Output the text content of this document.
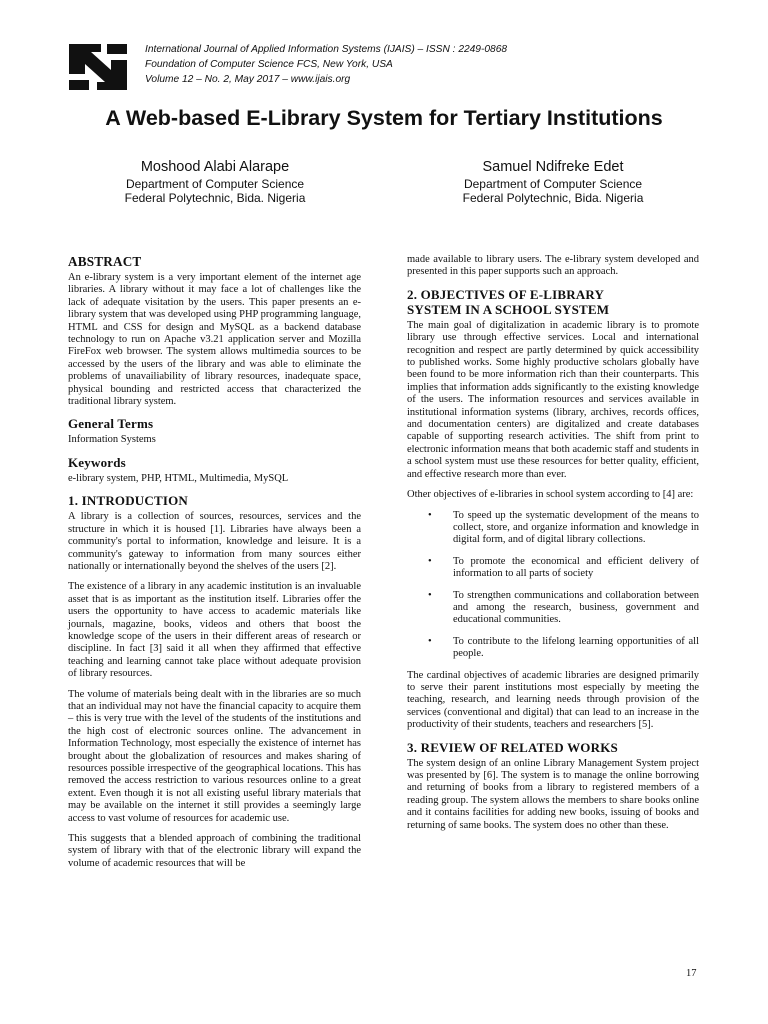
International Journal of Applied Information Systems (IJAIS) – ISSN : 2249-0868
Foundation of Computer Science FCS, New York, USA
Volume 12 – No. 2, May 2017 – www.ijais.org
A Web-based E-Library System for Tertiary Institutions
Moshood Alabi Alarape
Department of Computer Science
Federal Polytechnic, Bida. Nigeria
Samuel Ndifreke Edet
Department of Computer Science
Federal Polytechnic, Bida. Nigeria
ABSTRACT

An e-library system is a very important element of the internet age libraries. A library without it may face a lot of challenges like the lack of adequate visitation by the users. This paper presents an e-library system that was developed using PHP programming language, HTML and CSS for design and MySQL as a backend database technology to run on Apache v3.21 application server and Mozilla FireFox web browser. The system allows multimedia sources to be accessed by the users of the library and was able to eliminate the problems of unavailiability of library resources, inadequate space, physical bounding and restricted access that characterized the traditional library system.

General Terms

Information Systems

Keywords

e-library system, PHP, HTML, Multimedia, MySQL

1. INTRODUCTION

A library is a collection of sources, resources, services and the structure in which it is housed [1]. Libraries have always been a community's portal to information, knowledge and leisure. It is a community's gateway to information from many sources either nationally or internationally beyond the shelves of the users [2].

The existence of a library in any academic institution is an invaluable asset that is as important as the institution itself. Libraries offer the users the opportunity to have access to academic materials like journals, magazine, books, videos and others that boost the knowledge scope of the users in their different areas of research or discipline. In fact [3] said it all when they affirmed that effective teaching and learning cannot take place without adequate provision of library resources.

The volume of materials being dealt with in the libraries are so much that an individual may not have the financial capacity to acquire them – this is very true with the level of the students of the institutions and the high cost of electronic sources online. The advancement in Information Technology, most especially the existence of internet has brought about the globalization of resources and makes sharing of resources possible irrespective of the geographical locations. This has removed the access restriction to various resources online to a great extent. Even though it is not all existing useful library materials that may be available on the internet it still provides a seemingly large access to vast volume of resources for academic use.

This suggests that a blended approach of combining the traditional system of library with that of the electronic library will expand the volume of academic resources that will be

made available to library users. The e-library system developed and presented in this paper supports such an approach.

2. OBJECTIVES OF E-LIBRARY
SYSTEM IN A SCHOOL SYSTEM

The main goal of digitalization in academic library is to promote library use through effective services. Local and international recognition and respect are partly determined by quick accessibility to published works. Some highly productive scholars globally have been found to be more information rich than their counterparts. This implies that information adds significantly to the existing knowledge of the users. The information resources and services available in institutional information systems (library, archives, records offices, and documentation centers) are digitalized and create databases capable of supporting research activities. The shift from print to electronic information means that both academic staff and students in a school system must use these resources for better quality, efficient, and effective research more than ever.

Other objectives of e-libraries in school system according to [4] are:

• To speed up the systematic development of the means to collect, store, and organize information and knowledge in digital form, and of digital library collections.
• To promote the economical and efficient delivery of information to all parts of society
• To strengthen communications and collaboration between and among the research, business, government and educational communities.
• To contribute to the lifelong learning opportunities of all people.

The cardinal objectives of academic libraries are designed primarily to serve their parent institutions most especially by meeting the teaching, research, and learning needs through provision of the services (conventional and digital) that can lead to an increase in the productivity of their students, teachers and researchers [5].

3. REVIEW OF RELATED WORKS

The system design of an online Library Management System project was presented by [6]. The system is to manage the online borrowing and returning of books from a library to registered members of a reading group. The system allows the members to share books online and it contains facilities for adding new books, issuing of books and returning of same books. The system does no other than these.

17
